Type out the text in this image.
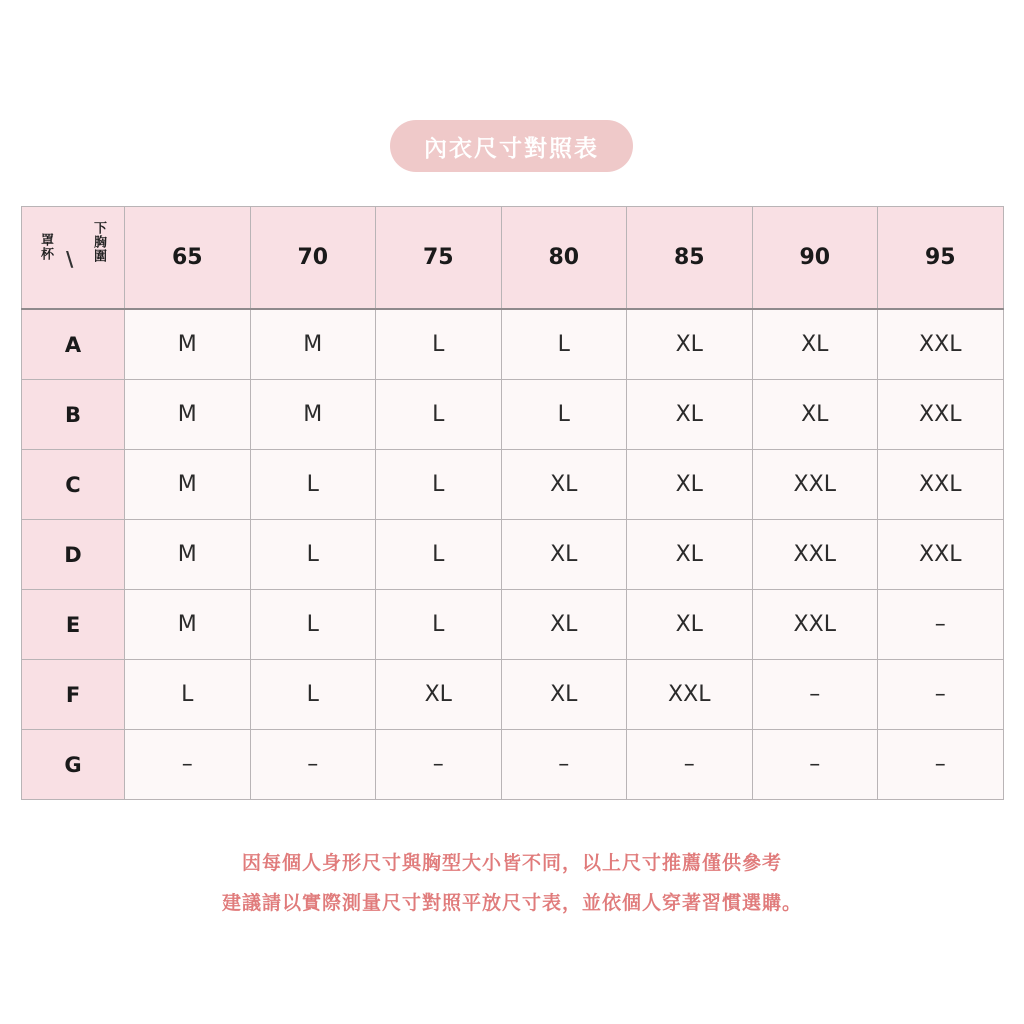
內衣尺寸對照表
罩杯 \ 下胸圍	65	70	75	80	85	90	95
A	M	M	L	L	XL	XL	XXL
B	M	M	L	L	XL	XL	XXL
C	M	L	L	XL	XL	XXL	XXL
D	M	L	L	XL	XL	XXL	XXL
E	M	L	L	XL	XL	XXL	–
F	L	L	XL	XL	XXL	–	–
G	–	–	–	–	–	–	–
因每個人身形尺寸與胸型大小皆不同，以上尺寸推薦僅供參考
建議請以實際測量尺寸對照平放尺寸表，並依個人穿著習慣選購。
